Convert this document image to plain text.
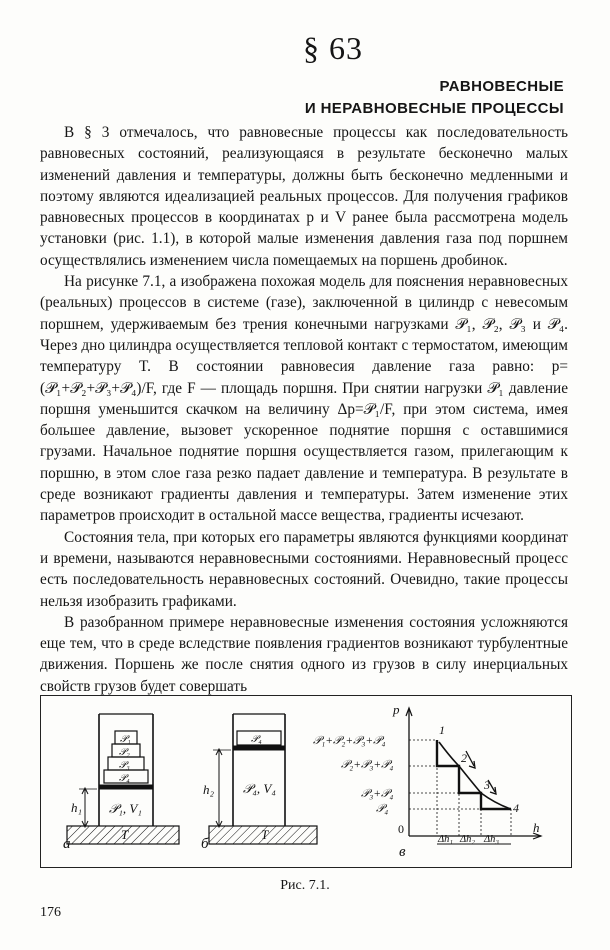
§ 63
РАВНОВЕСНЫЕ
И НЕРАВНОВЕСНЫЕ ПРОЦЕССЫ

В § 3 отмечалось, что равновесные процессы как последовательность равновесных состояний, реализующаяся в результате бесконечно малых изменений давления и температуры, должны быть бесконечно медленными и поэтому являются идеализацией реальных процессов. Для получения графиков равновесных процессов в координатах p и V ранее была рассмотрена модель установки (рис. 1.1), в которой малые изменения давления газа под поршнем осуществлялись изменением числа помещаемых на поршень дробинок.

На рисунке 7.1, а изображена похожая модель для пояснения неравновесных (реальных) процессов в системе (газе), заключенной в цилиндр с невесомым поршнем, удерживаемым без трения конечными нагрузками 𝒫₁, 𝒫₂, 𝒫₃ и 𝒫₄. Через дно цилиндра осуществляется тепловой контакт с термостатом, имеющим температуру T. В состоянии равновесия давление газа равно: p=(𝒫₁+𝒫₂+𝒫₃+𝒫₄)/F, где F — площадь поршня. При снятии нагрузки 𝒫₁ давление поршня уменьшится скачком на величину Δp=𝒫₁/F, при этом система, имея большее давление, вызовет ускоренное поднятие поршня с оставшимися грузами. Начальное поднятие поршня осуществляется газом, прилегающим к поршню, в этом слое газа резко падает давление и температура. В результате в среде возникают градиенты давления и температуры. Затем изменение этих параметров происходит в остальной массе вещества, градиенты исчезают.

Состояния тела, при которых его параметры являются функциями координат и времени, называются неравновесными состояниями. Неравновесный процесс есть последовательность неравновесных состояний. Очевидно, такие процессы нельзя изобразить графиками.

В разобранном примере неравновесные изменения состояния усложняются еще тем, что в среде вследствие появления градиентов возникают турбулентные движения. Поршень же после снятия одного из грузов в силу инерциальных свойств грузов будет совершать

T
𝒫₄
𝒫₃
𝒫₂
𝒫₁
𝒫₁, V₁
h₁
а
T
𝒫₄
𝒫₄, V₄
h₂
б
p
h
0
𝒫₁+𝒫₂+𝒫₃+𝒫₄
𝒫₂+𝒫₃+𝒫₄
𝒫₃+𝒫₄
𝒫₄
1
2
3
4
Δh₁ Δh₂ Δh₃
в
Рис. 7.1.
176
